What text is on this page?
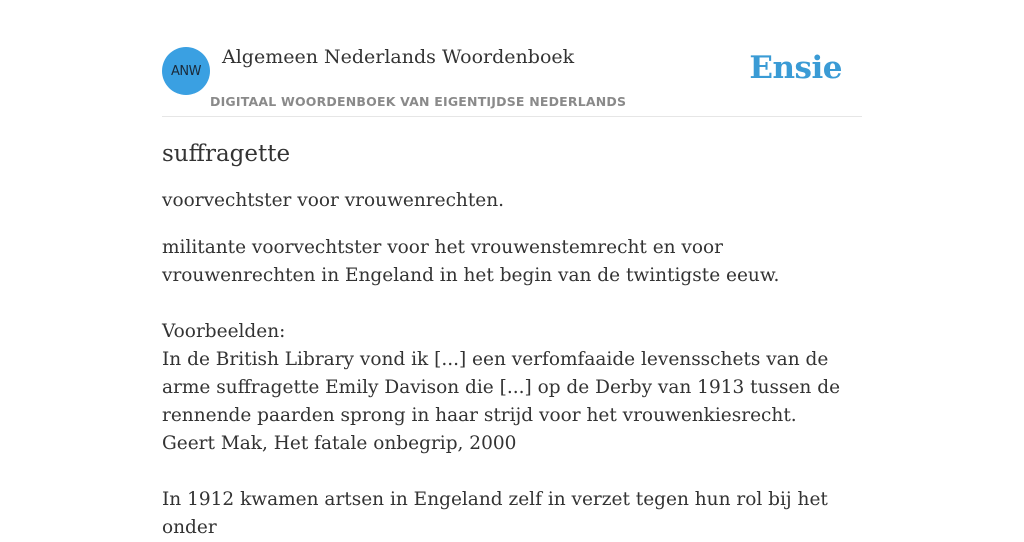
ANW
Algemeen Nederlands Woordenboek
DIGITAAL WOORDENBOEK VAN EIGENTIJDSE NEDERLANDS
Ensie
suffragette

voorvechtster voor vrouwenrechten.

militante voorvechtster voor het vrouwenstemrecht en voor vrouwenrechten in Engeland in het begin van de twintigste eeuw.

Voorbeelden:
In de British Library vond ik [...] een verfomfaaide levensschets van de arme suffragette Emily Davison die [...] op de Derby van 1913 tussen de rennende paarden sprong in haar strijd voor het vrouwenkiesrecht.
Geert Mak, Het fatale onbegrip, 2000

In 1912 kwamen artsen in Engeland zelf in verzet tegen hun rol bij het onder
